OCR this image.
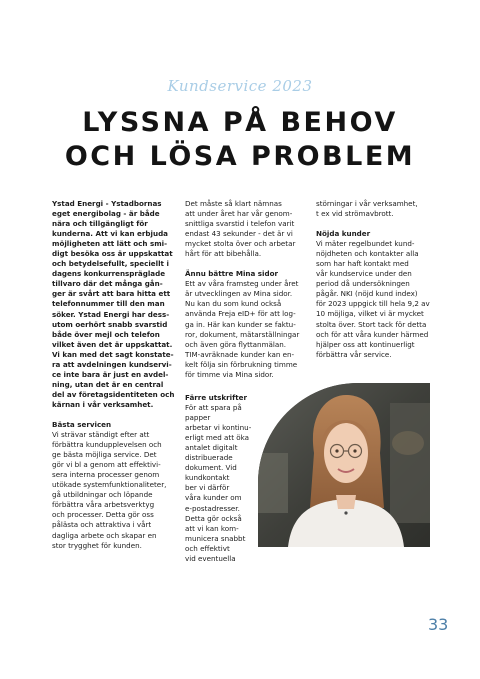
Kundservice 2023
LYSSNA PÅ BEHOV
OCH LÖSA PROBLEM

Ystad Energi - Ystadbornas
eget energibolag - är både
nära och tillgängligt för
kunderna. Att vi kan erbjuda
möjligheten att lätt och smi-
digt besöka oss är uppskattat
och betydelsefullt, speciellt i
dagens konkurrenspräglade
tillvaro där det många gån-
ger är svårt att bara hitta ett
telefonnummer till den man
söker. Ystad Energi har dess-
utom oerhört snabb svarstid
både över mejl och telefon
vilket även det är uppskattat.
Vi kan med det sagt konstate-
ra att avdelningen kundservi-
ce inte bara är just en avdel-
ning, utan det är en central
del av företagsidentiteten och
kärnan i vår verksamhet.

Bästa servicen

Vi strävar ständigt efter att
förbättra kundupplevelsen och
ge bästa möjliga service. Det
gör vi bl a genom att effektivi-
sera interna processer genom
utökade systemfunktionaliteter,
gå utbildningar och löpande
förbättra våra arbetsverktyg
och processer. Detta gör oss
pålästa och attraktiva i vårt
dagliga arbete och skapar en
stor trygghet för kunden.

Det måste så klart nämnas
att under året har vår genom-
snittliga svarstid i telefon varit
endast 43 sekunder - det är vi
mycket stolta över och arbetar
hårt för att bibehålla.

Ännu bättre Mina sidor

Ett av våra framsteg under året
är utvecklingen av Mina sidor.
Nu kan du som kund också
använda Freja eID+ för att log-
ga in. Här kan kunder se faktu-
ror, dokument, mätarställningar
och även göra flyttanmälan.
TIM-avräknade kunder kan en-
kelt följa sin förbrukning timme
för timme via Mina sidor.

Färre utskrifter

För att spara på papper
arbetar vi kontinu-
erligt med att öka
antalet digitalt
distribuerade
dokument. Vid
kundkontakt
ber vi därför
våra kunder om
e-postadresser.
Detta gör också
att vi kan kom-
municera snabbt
och effektivt
vid eventuella

störningar i vår verksamhet,
t ex vid strömavbrott.

Nöjda kunder

Vi mäter regelbundet kund-
nöjdheten och kontakter alla
som har haft kontakt med
vår kundservice under den
period då undersökningen
pågår. NKI (nöjd kund index)
för 2023 uppgick till hela 9,2 av
10 möjliga, vilket vi är mycket
stolta över. Stort tack för detta
och för att våra kunder härmed
hjälper oss att kontinuerligt
förbättra vår service.

33
